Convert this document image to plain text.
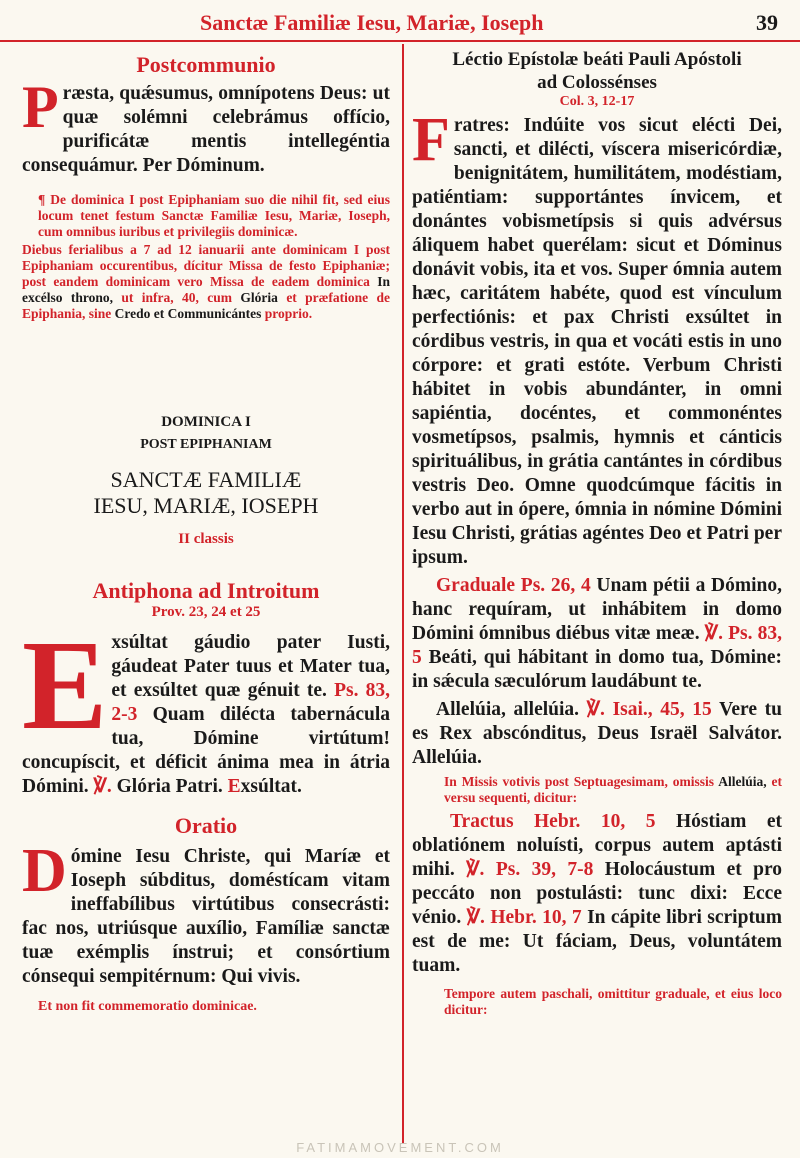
Sanctæ Familiæ Iesu, Mariæ, Ioseph	39
Postcommunio
Præsta, quǽsumus, omnípotens Deus: ut quæ solémni celebrámus offício, purificátæ mentis intellegéntia consequámur. Per Dóminum.
¶ De dominica I post Epiphaniam suo die nihil fit, sed eius locum tenet festum Sanctæ Familiæ Iesu, Mariæ, Ioseph, cum omnibus iuribus et privilegiis dominicæ.
Diebus ferialibus a 7 ad 12 ianuarii ante dominicam I post Epiphaniam occurentibus, dícitur Missa de festo Epiphaniæ; post eandem dominicam vero Missa de eadem dominica In excélso throno, ut infra, 40, cum Glória et præfatione de Epiphania, sine Credo et Communicántes proprio.
DOMINICA I
POST EPIPHANIAM
SANCTÆ FAMILIÆ
IESU, MARIÆ, IOSEPH
II classis
Antiphona ad Introitum
Prov. 23, 24 et 25
Exsúltat gáudio pater Iusti, gáudeat Pater tuus et Mater tua, et exsúltet quæ génuit te. Ps. 83, 2-3 Quam dilécta tabernácula tua, Dómine virtútum! concupíscit, et déficit ánima mea in átria Dómini. ℣. Glória Patri. Exsúltat.
Oratio
Dómine Iesu Christe, qui Maríæ et Ioseph súbditus, doméstícam vitam ineffabílibus virtútibus consecrásti: fac nos, utriúsque auxílio, Famíliæ sanctæ tuæ exémplis ínstrui; et consórtium cónsequi sempitérnum: Qui vivis.
Et non fit commemoratio dominicae.
Léctio Epístolæ beáti Pauli Apóstoli
ad Colossénses
Col. 3, 12-17
Fratres: Indúite vos sicut elécti Dei, sancti, et diléсti, víscera misericórdiæ, benignitátem, humilitátem, modéstiam, patiéntiam: supportántes ínvicem, et donántes vobismetípsis si quis advérsus áliquem habet querélam: sicut et Dóminus donávit vobis, ita et vos. Super ómnia autem hæc, caritátem habéte, quod est vínculum perfectiónis: et pax Christi exsúltet in córdibus vestris, in qua et vocáti estis in uno córpore: et grati estóte. Verbum Christi hábitet in vobis abundánter, in omni sapiéntia, docéntes, et commonéntes vosmetípsos, psalmis, hymnis et cánticis spirituálibus, in grátia cantántes in córdibus vestris Deo. Omne quodcúmque fácitis in verbo aut in ópere, ómnia in nómine Dómini Iesu Christi, grátias agéntes Deo et Patri per ipsum.
Graduale Ps. 26, 4 Unam pétii a Dómino, hanc requíram, ut inhábitem in domo Dómini ómnibus diébus vitæ meæ. ℣. Ps. 83, 5 Beáti, qui hábitant in domo tua, Dómine: in sǽcula sæculórum laudábunt te.
Allelúia, allelúia. ℣. Isai., 45, 15 Vere tu es Rex abscónditus, Deus Israël Salvátor. Allelúia.
In Missis votivis post Septuagesimam, omissis Allelúia, et versu sequenti, dicitur:
Tractus Hebr. 10, 5 Hóstiam et oblatiónem noluísti, corpus autem aptásti mihi. ℣. Ps. 39, 7-8 Holocáustum et pro peccáto non postulásti: tunc dixi: Ecce vénio. ℣. Hebr. 10, 7 In cápite libri scriptum est de me: Ut fáciam, Deus, voluntátem tuam.
Tempore autem paschali, omittitur graduale, et eius loco dicitur:
FATIMAMOVEMENT.COM
